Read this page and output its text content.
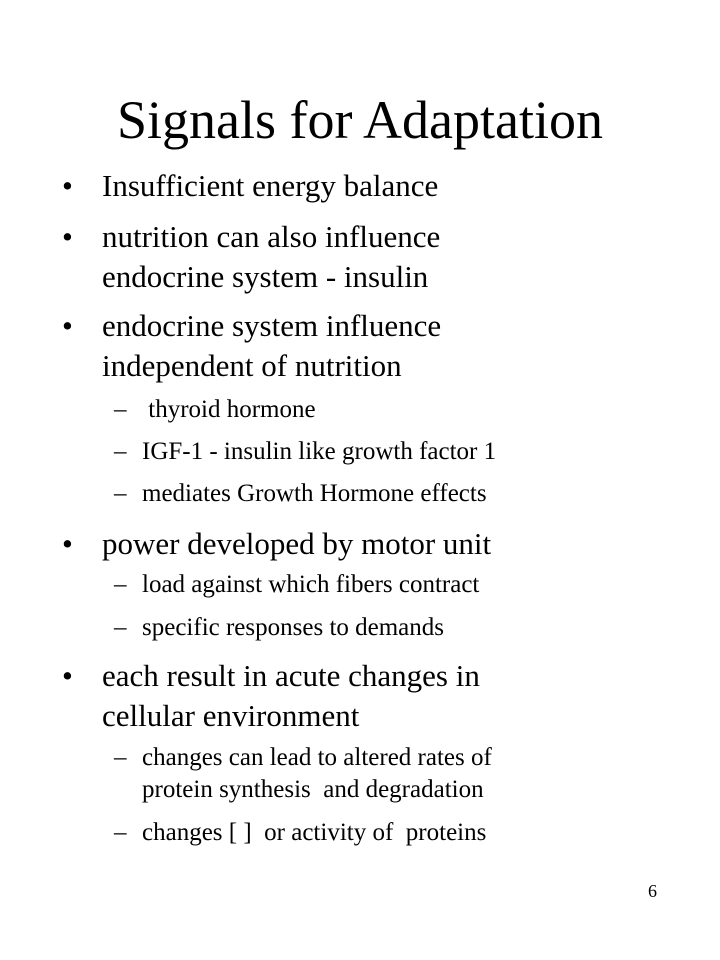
Signals for Adaptation
• Insufficient energy balance
• nutrition can also influence
endocrine system - insulin
• endocrine system influence
independent of nutrition
– thyroid hormone
– IGF-1 - insulin like growth factor 1
– mediates Growth Hormone effects
• power developed by motor unit
– load against which fibers contract
– specific responses to demands
• each result in acute changes in
cellular environment
– changes can lead to altered rates of
protein synthesis  and degradation
– changes [ ]  or activity of  proteins
6
